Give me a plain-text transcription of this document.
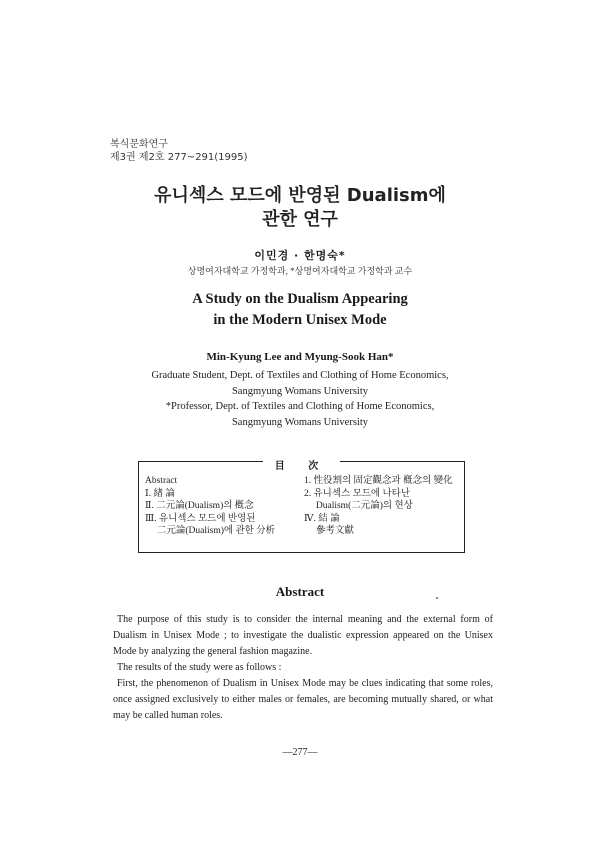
복식문화연구
제3권 제2호 277~291(1995)
유니섹스 모드에 반영된 Dualism에
관한 연구
이민경 · 한명숙*
상명여자대학교 가정학과, *상명여자대학교 가정학과 교수
A Study on the Dualism Appearing
in the Modern Unisex Mode
Min-Kyung Lee and Myung-Sook Han*
Graduate Student, Dept. of Textiles and Clothing of Home Economics,
Sangmyung Womans University
*Professor, Dept. of Textiles and Clothing of Home Economics,
Sangmyung Womans University
目 次
Abstract
Ⅰ. 緖 論
Ⅱ. 二元論(Dualism)의 槪念
Ⅲ. 유니섹스 모드에 반영된
　 二元論(Dualism)에 관한 分析
1. 性役割의 固定觀念과 槪念의 變化
2. 유니섹스 모드에 나타난
　 Dualism(二元論)의 현상
Ⅳ. 結 論
　 參考文獻
Abstract

The purpose of this study is to consider the internal meaning and the external form of Dualism in Unisex Mode ; to investigate the dualistic expression appeared on the Unisex Mode by analyzing the general fashion magazine.

The results of the study were as follows :

First, the phenomenon of Dualism in Unisex Mode may be clues indicating that some roles, once assigned exclusively to either males or females, are becoming mutually shared, or what may be called human roles.

—277—
